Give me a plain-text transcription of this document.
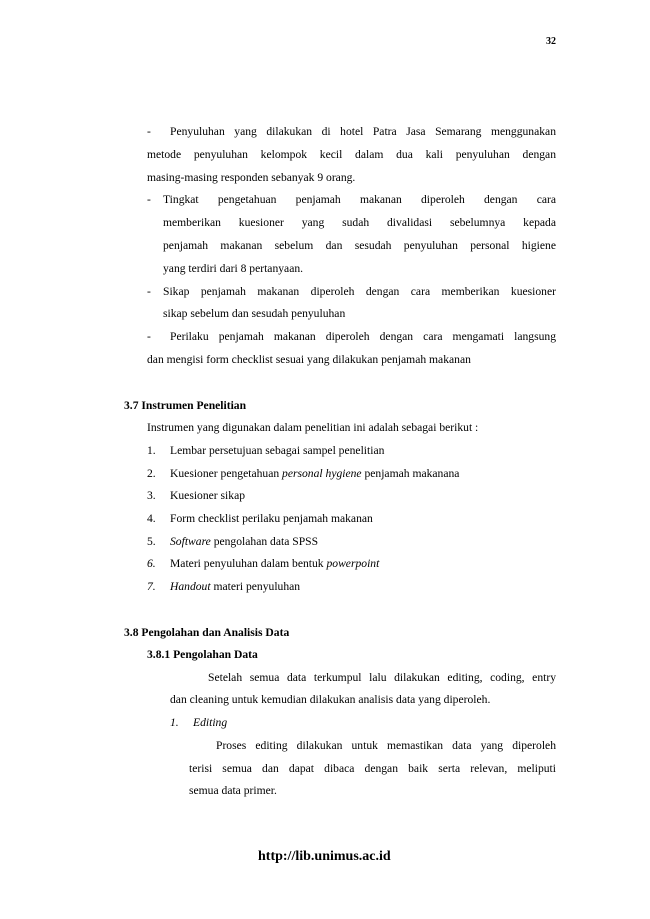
32
- Penyuluhan yang dilakukan di hotel Patra Jasa Semarang menggunakan
metode penyuluhan kelompok kecil dalam dua kali penyuluhan dengan
masing-masing responden sebanyak 9 orang.
- Tingkat pengetahuan penjamah makanan diperoleh dengan cara
memberikan kuesioner yang sudah divalidasi sebelumnya kepada
penjamah makanan sebelum dan sesudah penyuluhan personal higiene
yang terdiri dari 8 pertanyaan.
- Sikap penjamah makanan diperoleh dengan cara memberikan kuesioner
sikap sebelum dan sesudah penyuluhan
- Perilaku penjamah makanan diperoleh dengan cara mengamati langsung
dan mengisi form checklist sesuai yang dilakukan penjamah makanan
3.7 Instrumen Penelitian
Instrumen yang digunakan dalam penelitian ini adalah sebagai berikut :
1. Lembar persetujuan sebagai sampel penelitian
2. Kuesioner pengetahuan personal hygiene penjamah makanana
3. Kuesioner sikap
4. Form checklist perilaku penjamah makanan
5. Software pengolahan data SPSS
6. Materi penyuluhan dalam bentuk powerpoint
7. Handout materi penyuluhan
3.8 Pengolahan dan Analisis Data
3.8.1 Pengolahan Data
Setelah semua data terkumpul lalu dilakukan editing, coding, entry
dan cleaning untuk kemudian dilakukan analisis data yang diperoleh.
1. Editing
Proses editing dilakukan untuk memastikan data yang diperoleh
terisi semua dan dapat dibaca dengan baik serta relevan, meliputi
semua data primer.
http://lib.unimus.ac.id
